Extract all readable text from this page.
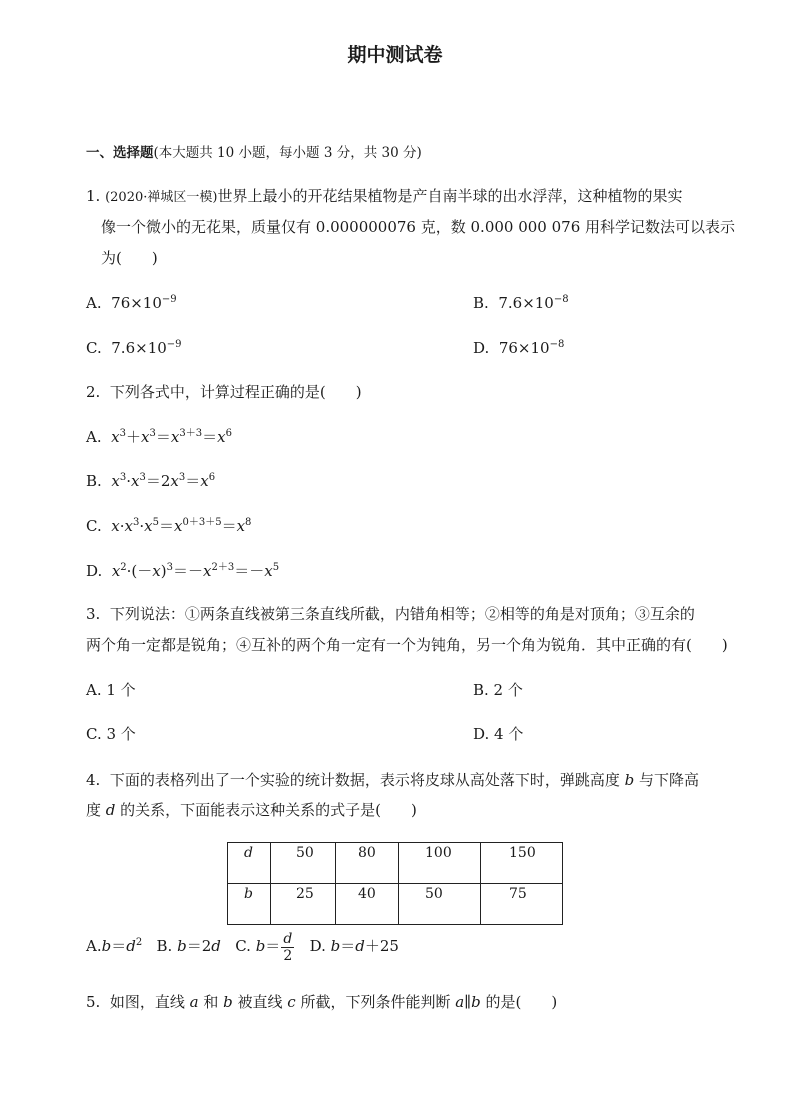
期中测试卷
一、选择题(本大题共 10 小题，每小题 3 分，共 30 分)
1. (2020·禅城区一模)世界上最小的开花结果植物是产自南半球的出水浮萍，这种植物的果实
像一个微小的无花果，质量仅有 0.000000076 克，数 0.000 000 076 用科学记数法可以表示
为(　　)
A. $76\times 10^{-9}$	B. $7.6\times 10^{-8}$
C. $7.6\times 10^{-9}$	D. $76\times 10^{-8}$
2. 下列各式中，计算过程正确的是(　　)
A. $x^3+x^3=x^{3+3}=x^6$
B. $x^3\cdot x^3=2x^3=x^6$
C. $x\cdot x^3\cdot x^5=x^{0+3+5}=x^8$
D. $x^2\cdot(-x)^3=-x^{2+3}=-x^5$
3. 下列说法：①两条直线被第三条直线所截，内错角相等；②相等的角是对顶角；③互余的
两个角一定都是锐角；④互补的两个角一定有一个为钝角，另一个角为锐角．其中正确的有(　　)
A. 1 个	B. 2 个
C. 3 个	D. 4 个
4. 下面的表格列出了一个实验的统计数据，表示将皮球从高处落下时，弹跳高度 b 与下降高
度 d 的关系，下面能表示这种关系的式子是(　　)
d	50	80	100	150
b	25	40	50	75
$A.b=d^2$ B. b＝2d C. $b= \frac{d}{2} D$. b＝d＋25
5. 如图，直线 a 和 b 被直线 c 所截，下列条件能判断 a∥b 的是(　　)
